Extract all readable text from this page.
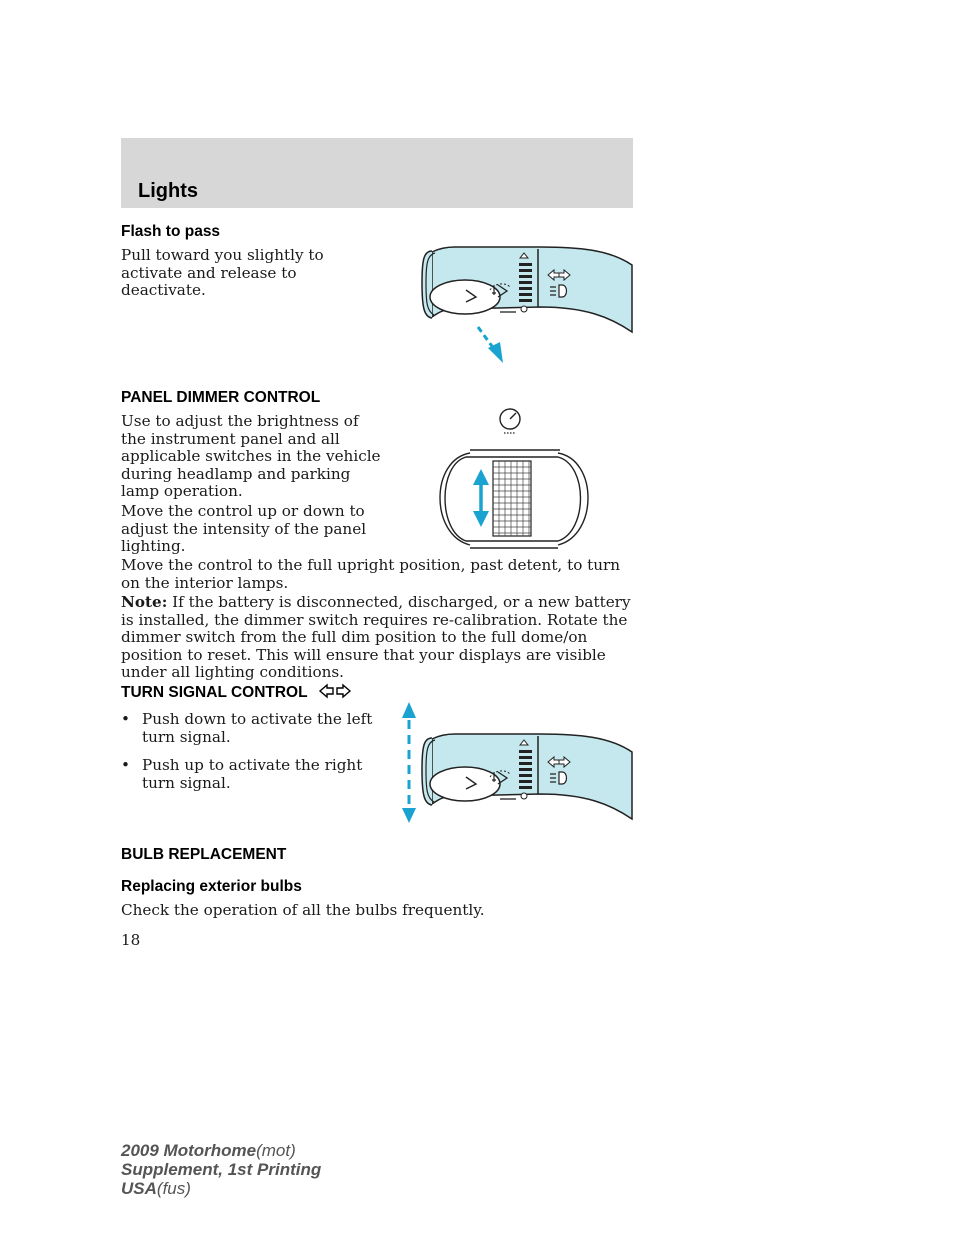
Lights
Flash to pass

Pull toward you slightly to activate and release to deactivate.

PANEL DIMMER CONTROL

Use to adjust the brightness of the instrument panel and all applicable switches in the vehicle during headlamp and parking lamp operation.

Move the control up or down to adjust the intensity of the panel lighting.

Move the control to the full upright position, past detent, to turn on the interior lamps.

Note: If the battery is disconnected, discharged, or a new battery is installed, the dimmer switch requires re-calibration. Rotate the dimmer switch from the full dim position to the full dome/on position to reset. This will ensure that your displays are visible under all lighting conditions.

TURN SIGNAL CONTROL
• Push down to activate the left turn signal.
• Push up to activate the right turn signal.
BULB REPLACEMENT
Replacing exterior bulbs

Check the operation of all the bulbs frequently.

18

2009 Motorhome(mot)
Supplement, 1st Printing
USA(fus)
